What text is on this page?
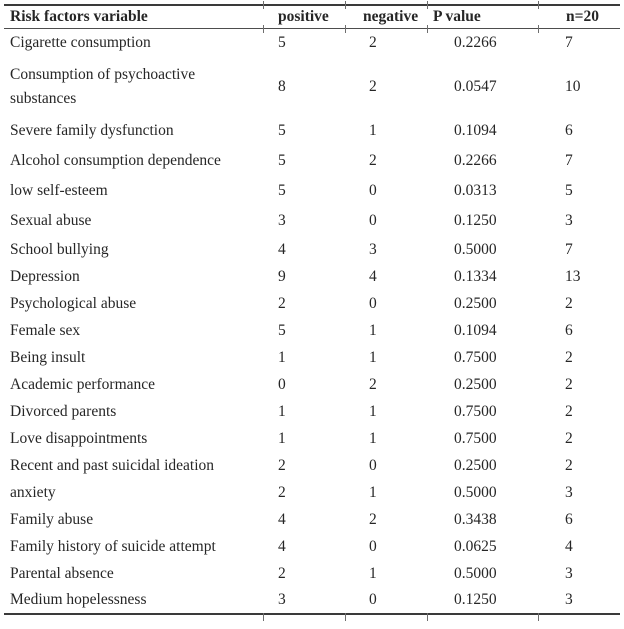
Risk factors variable	positive	negative	P value	n=20
Cigarette consumption	5	2	0.2266	7
Consumption of psychoactive substances	8	2	0.0547	10
Severe family dysfunction	5	1	0.1094	6
Alcohol consumption dependence	5	2	0.2266	7
low self-esteem	5	0	0.0313	5
Sexual abuse	3	0	0.1250	3
School bullying	4	3	0.5000	7
Depression	9	4	0.1334	13
Psychological abuse	2	0	0.2500	2
Female sex	5	1	0.1094	6
Being insult	1	1	0.7500	2
Academic performance	0	2	0.2500	2
Divorced parents	1	1	0.7500	2
Love disappointments	1	1	0.7500	2
Recent and past suicidal ideation	2	0	0.2500	2
anxiety	2	1	0.5000	3
Family abuse	4	2	0.3438	6
Family history of suicide attempt	4	0	0.0625	4
Parental absence	2	1	0.5000	3
Medium hopelessness	3	0	0.1250	3
